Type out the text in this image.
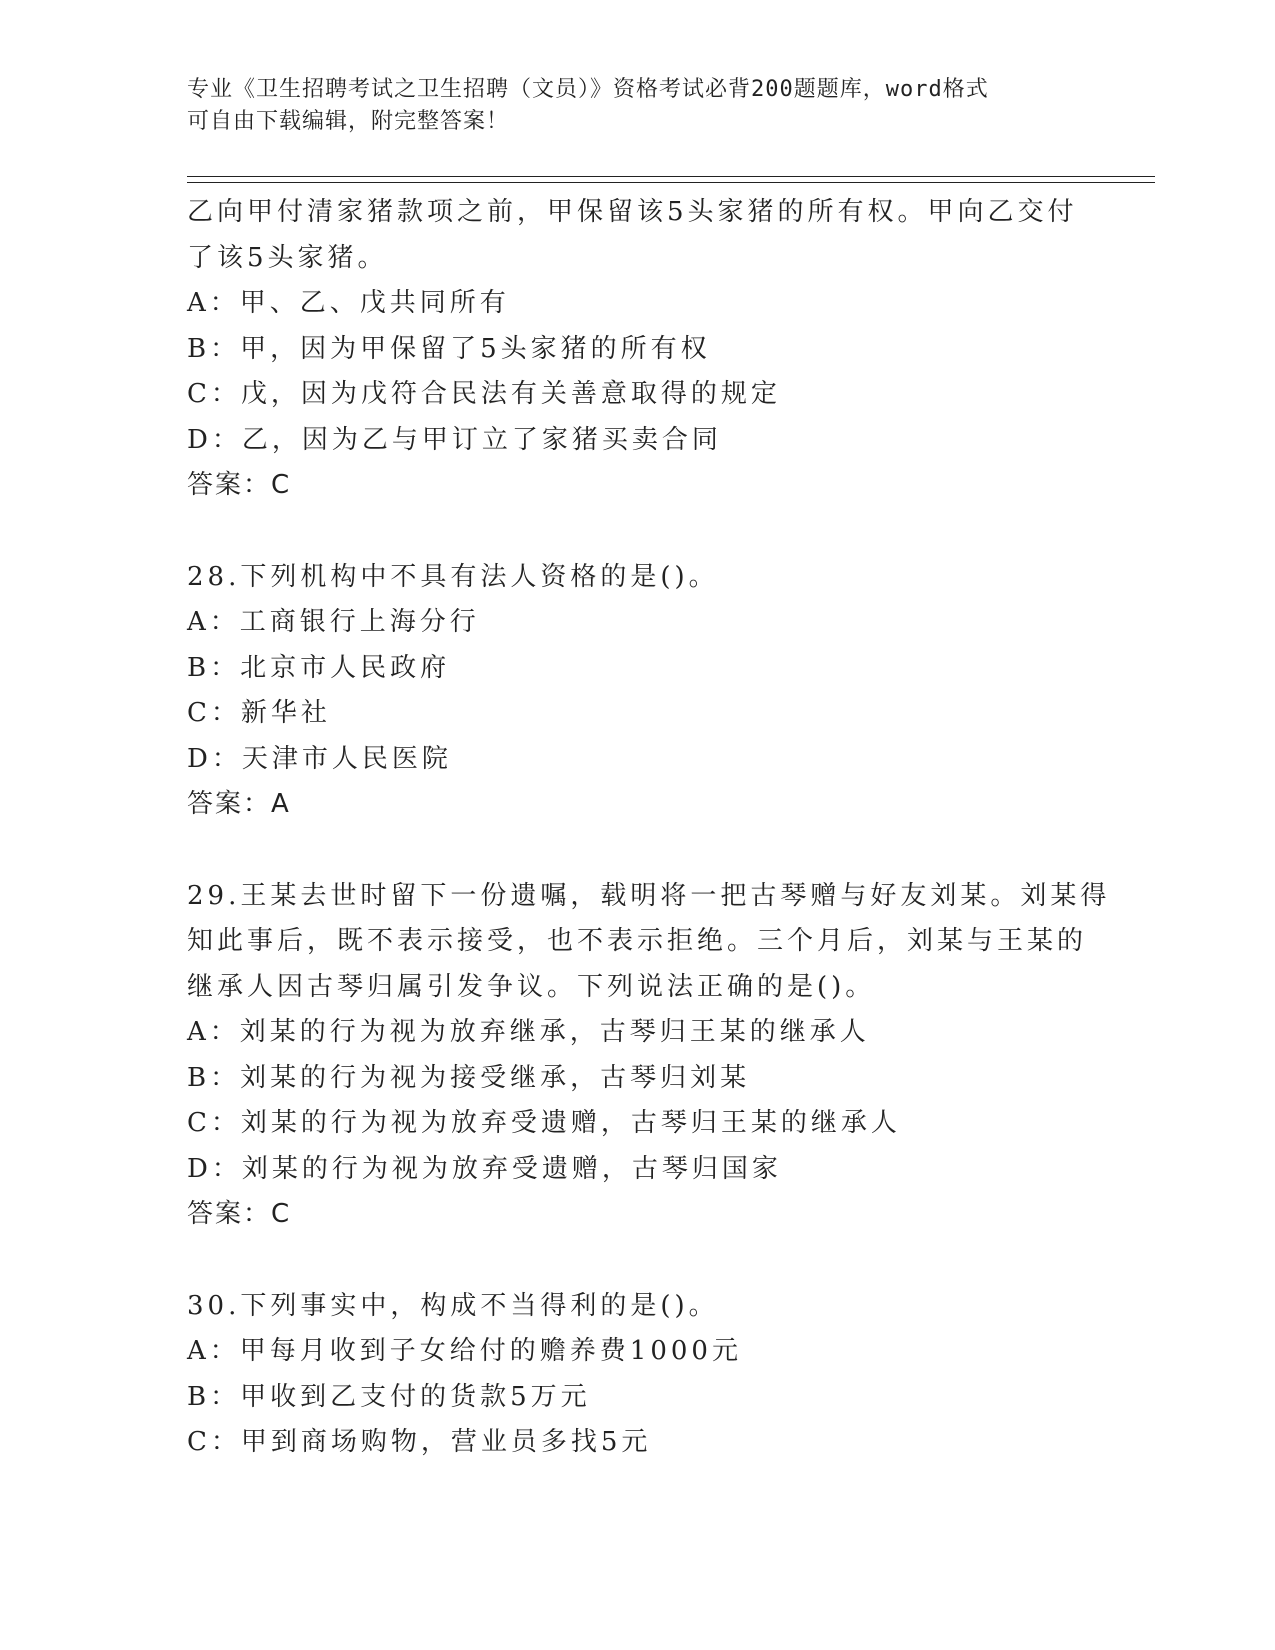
专业《卫生招聘考试之卫生招聘（文员）》资格考试必背200题题库，word格式
可自由下载编辑，附完整答案！
乙向甲付清家猪款项之前，甲保留该5头家猪的所有权。甲向乙交付
了该5头家猪。
A：甲、乙、戊共同所有
B：甲，因为甲保留了5头家猪的所有权
C：戊，因为戊符合民法有关善意取得的规定
D：乙，因为乙与甲订立了家猪买卖合同
答案：C
28.下列机构中不具有法人资格的是()。
A：工商银行上海分行
B：北京市人民政府
C：新华社
D：天津市人民医院
答案：A
29.王某去世时留下一份遗嘱，载明将一把古琴赠与好友刘某。刘某得
知此事后，既不表示接受，也不表示拒绝。三个月后，刘某与王某的
继承人因古琴归属引发争议。下列说法正确的是()。
A：刘某的行为视为放弃继承，古琴归王某的继承人
B：刘某的行为视为接受继承，古琴归刘某
C：刘某的行为视为放弃受遗赠，古琴归王某的继承人
D：刘某的行为视为放弃受遗赠，古琴归国家
答案：C
30.下列事实中，构成不当得利的是()。
A：甲每月收到子女给付的赡养费1000元
B：甲收到乙支付的货款5万元
C：甲到商场购物，营业员多找5元
